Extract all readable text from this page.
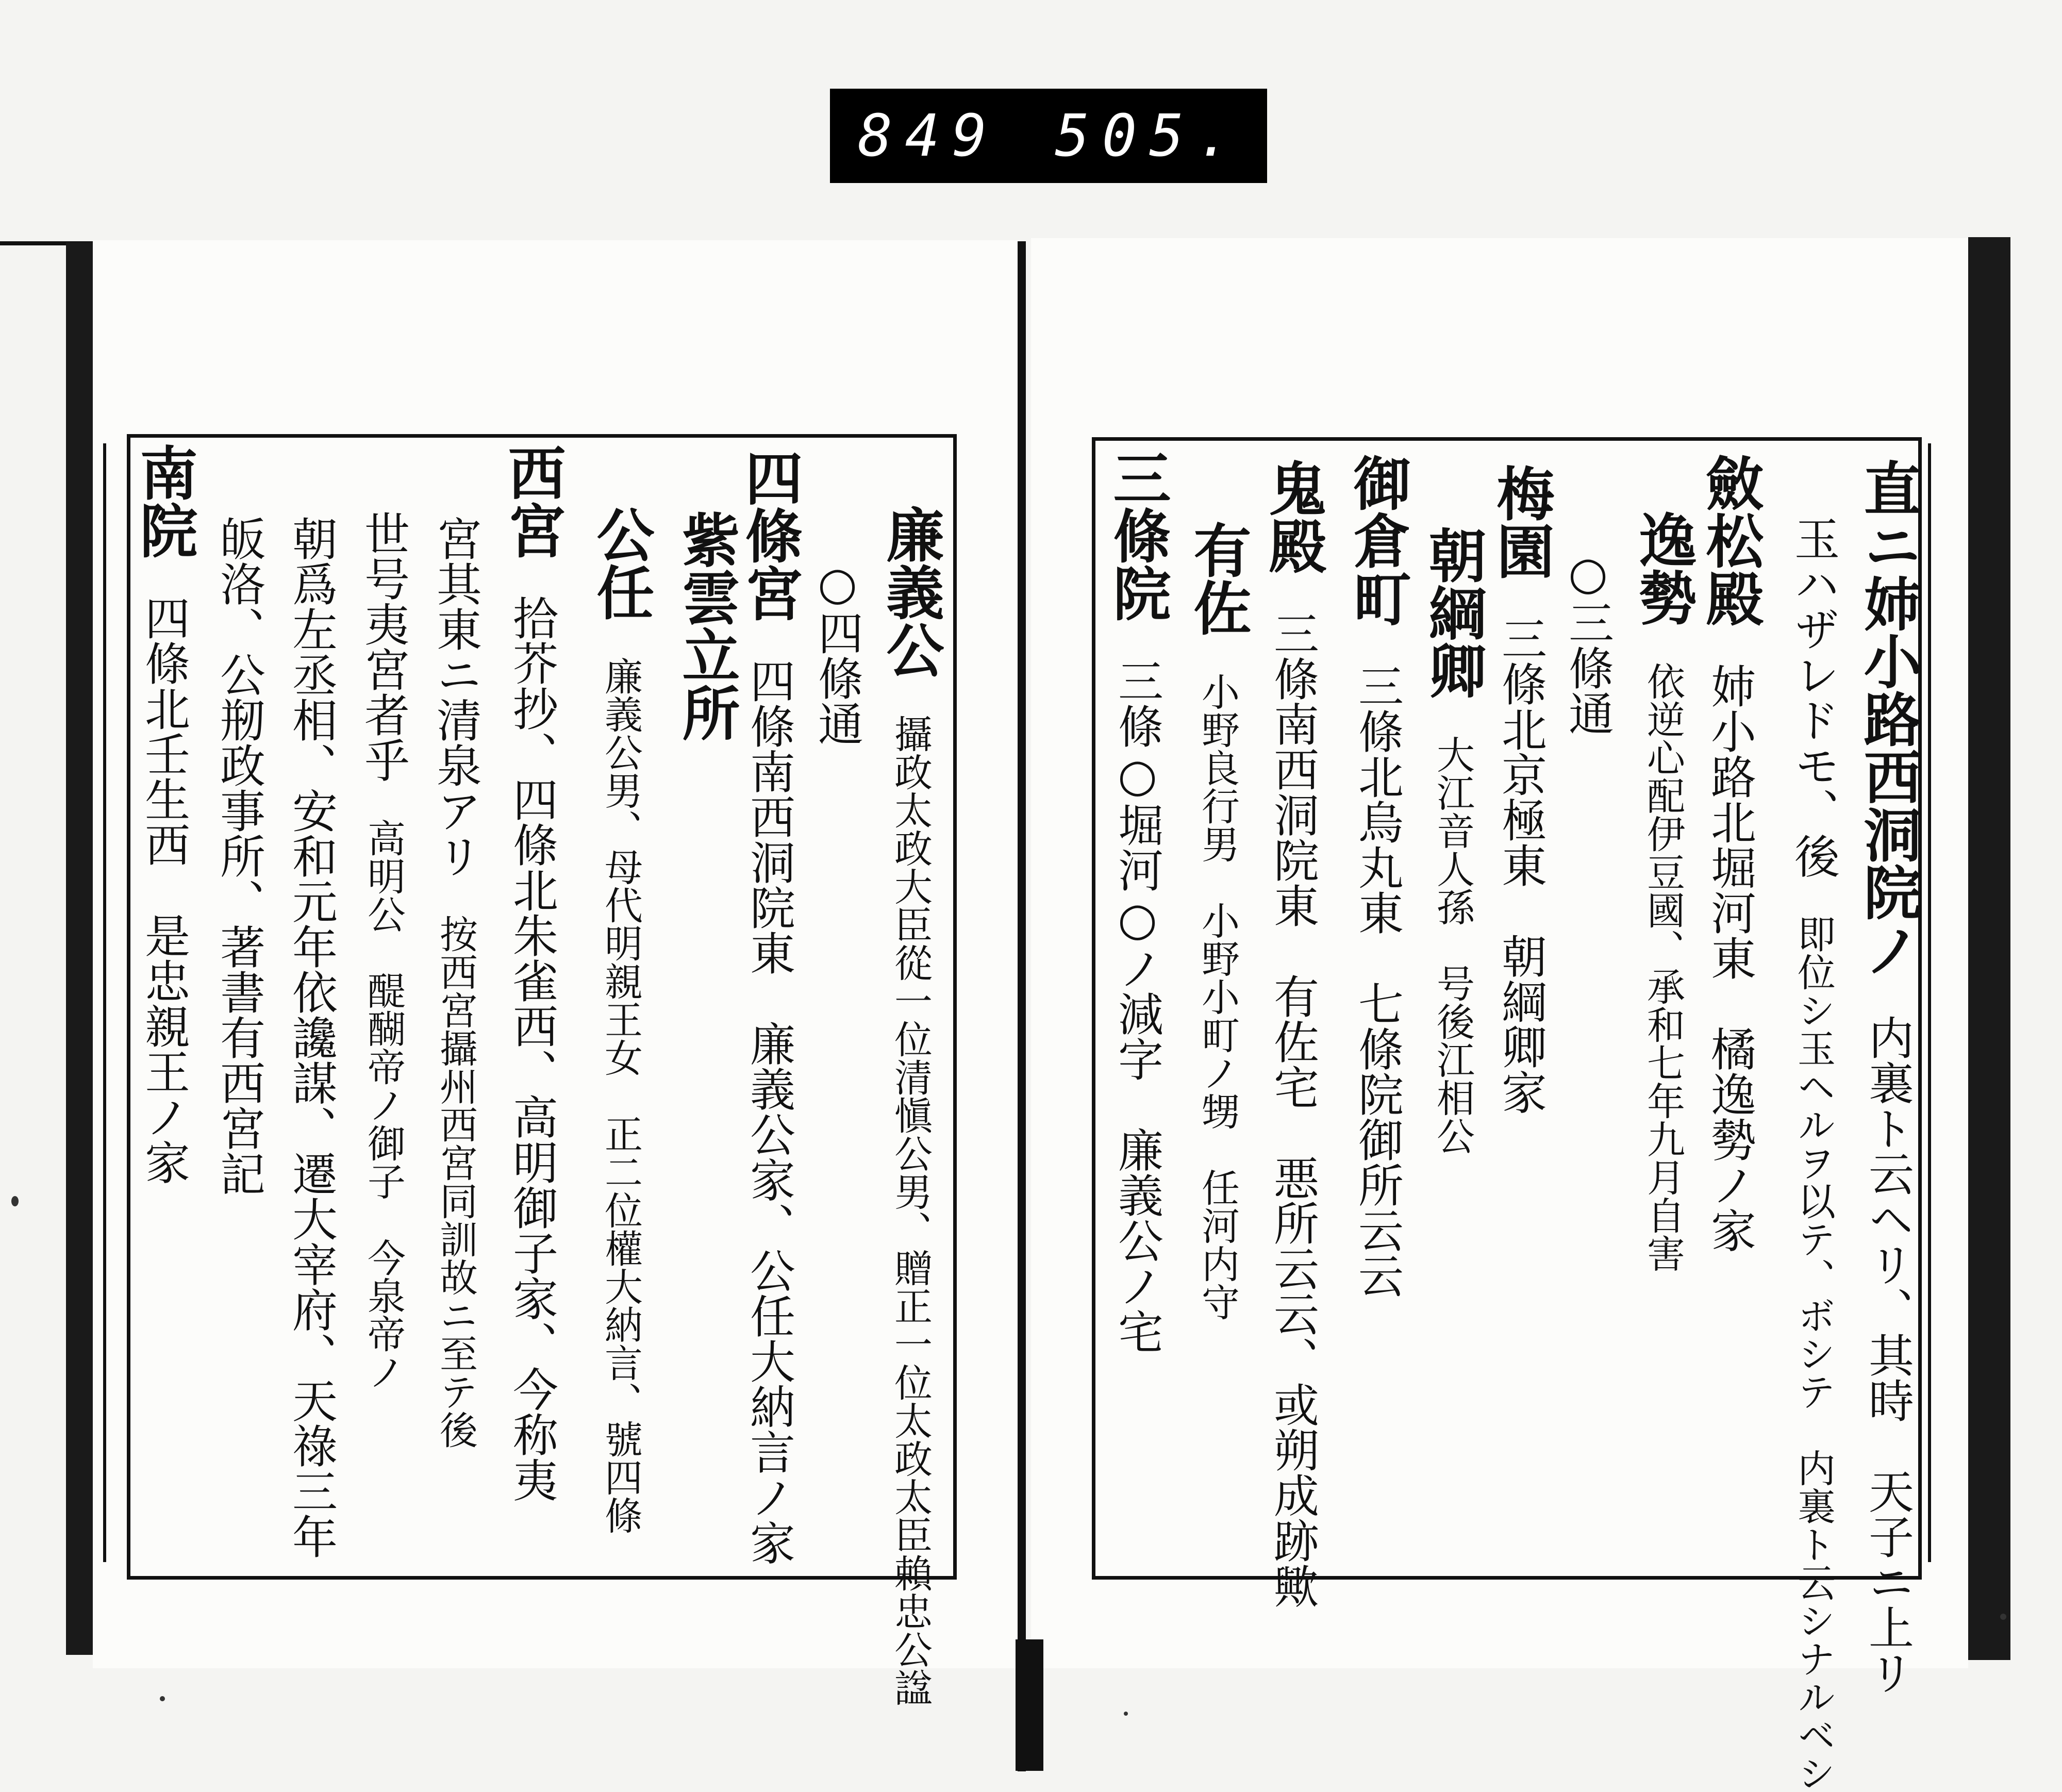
849 505.
直ニ姉小路西洞院ノ内裏ト云ヘリ、其時　天子ニ上リ
玉ハザレドモ、後即位シ玉ヘルヲ以テ、ボシテ　内裏ト云シナルベシ
斂松殿姉小路北堀河東　橘逸勢ノ家
逸勢依逆心配伊豆國、承和七年九月自害
○三條通
梅園三條北京極東　朝綱卿家
朝綱卿大江音人孫　号後江相公
御倉町三條北烏丸東　七條院御所云云
鬼殿三條南西洞院東　有佐宅　悪所云云、或朔成跡歟
有佐小野良行男　小野小町ノ甥　任河内守
三條院三條○堀河○ノ減字　廉義公ノ宅
廉義公攝政太政大臣從一位清愼公男、贈正一位太政太臣賴忠公諡
○四條通
四條宮四條南西洞院東　廉義公家、公任大納言ノ家
紫雲立所
公任廉義公男、母代明親王女　正二位權大納言、號四條
西宮拾芥抄、四條北朱雀西、高明御子家、今称夷
宮其東ニ清泉アリ按西宮攝州西宮同訓故ニ至テ後
世号夷宮者乎高明公　醍醐帝ノ御子　今泉帝ノ
朝爲左丞相、安和元年依讒謀、遷大宰府、天祿三年
皈洛、公剏政事所、著書有西宮記
南院四條北壬生西　是忠親王ノ家
